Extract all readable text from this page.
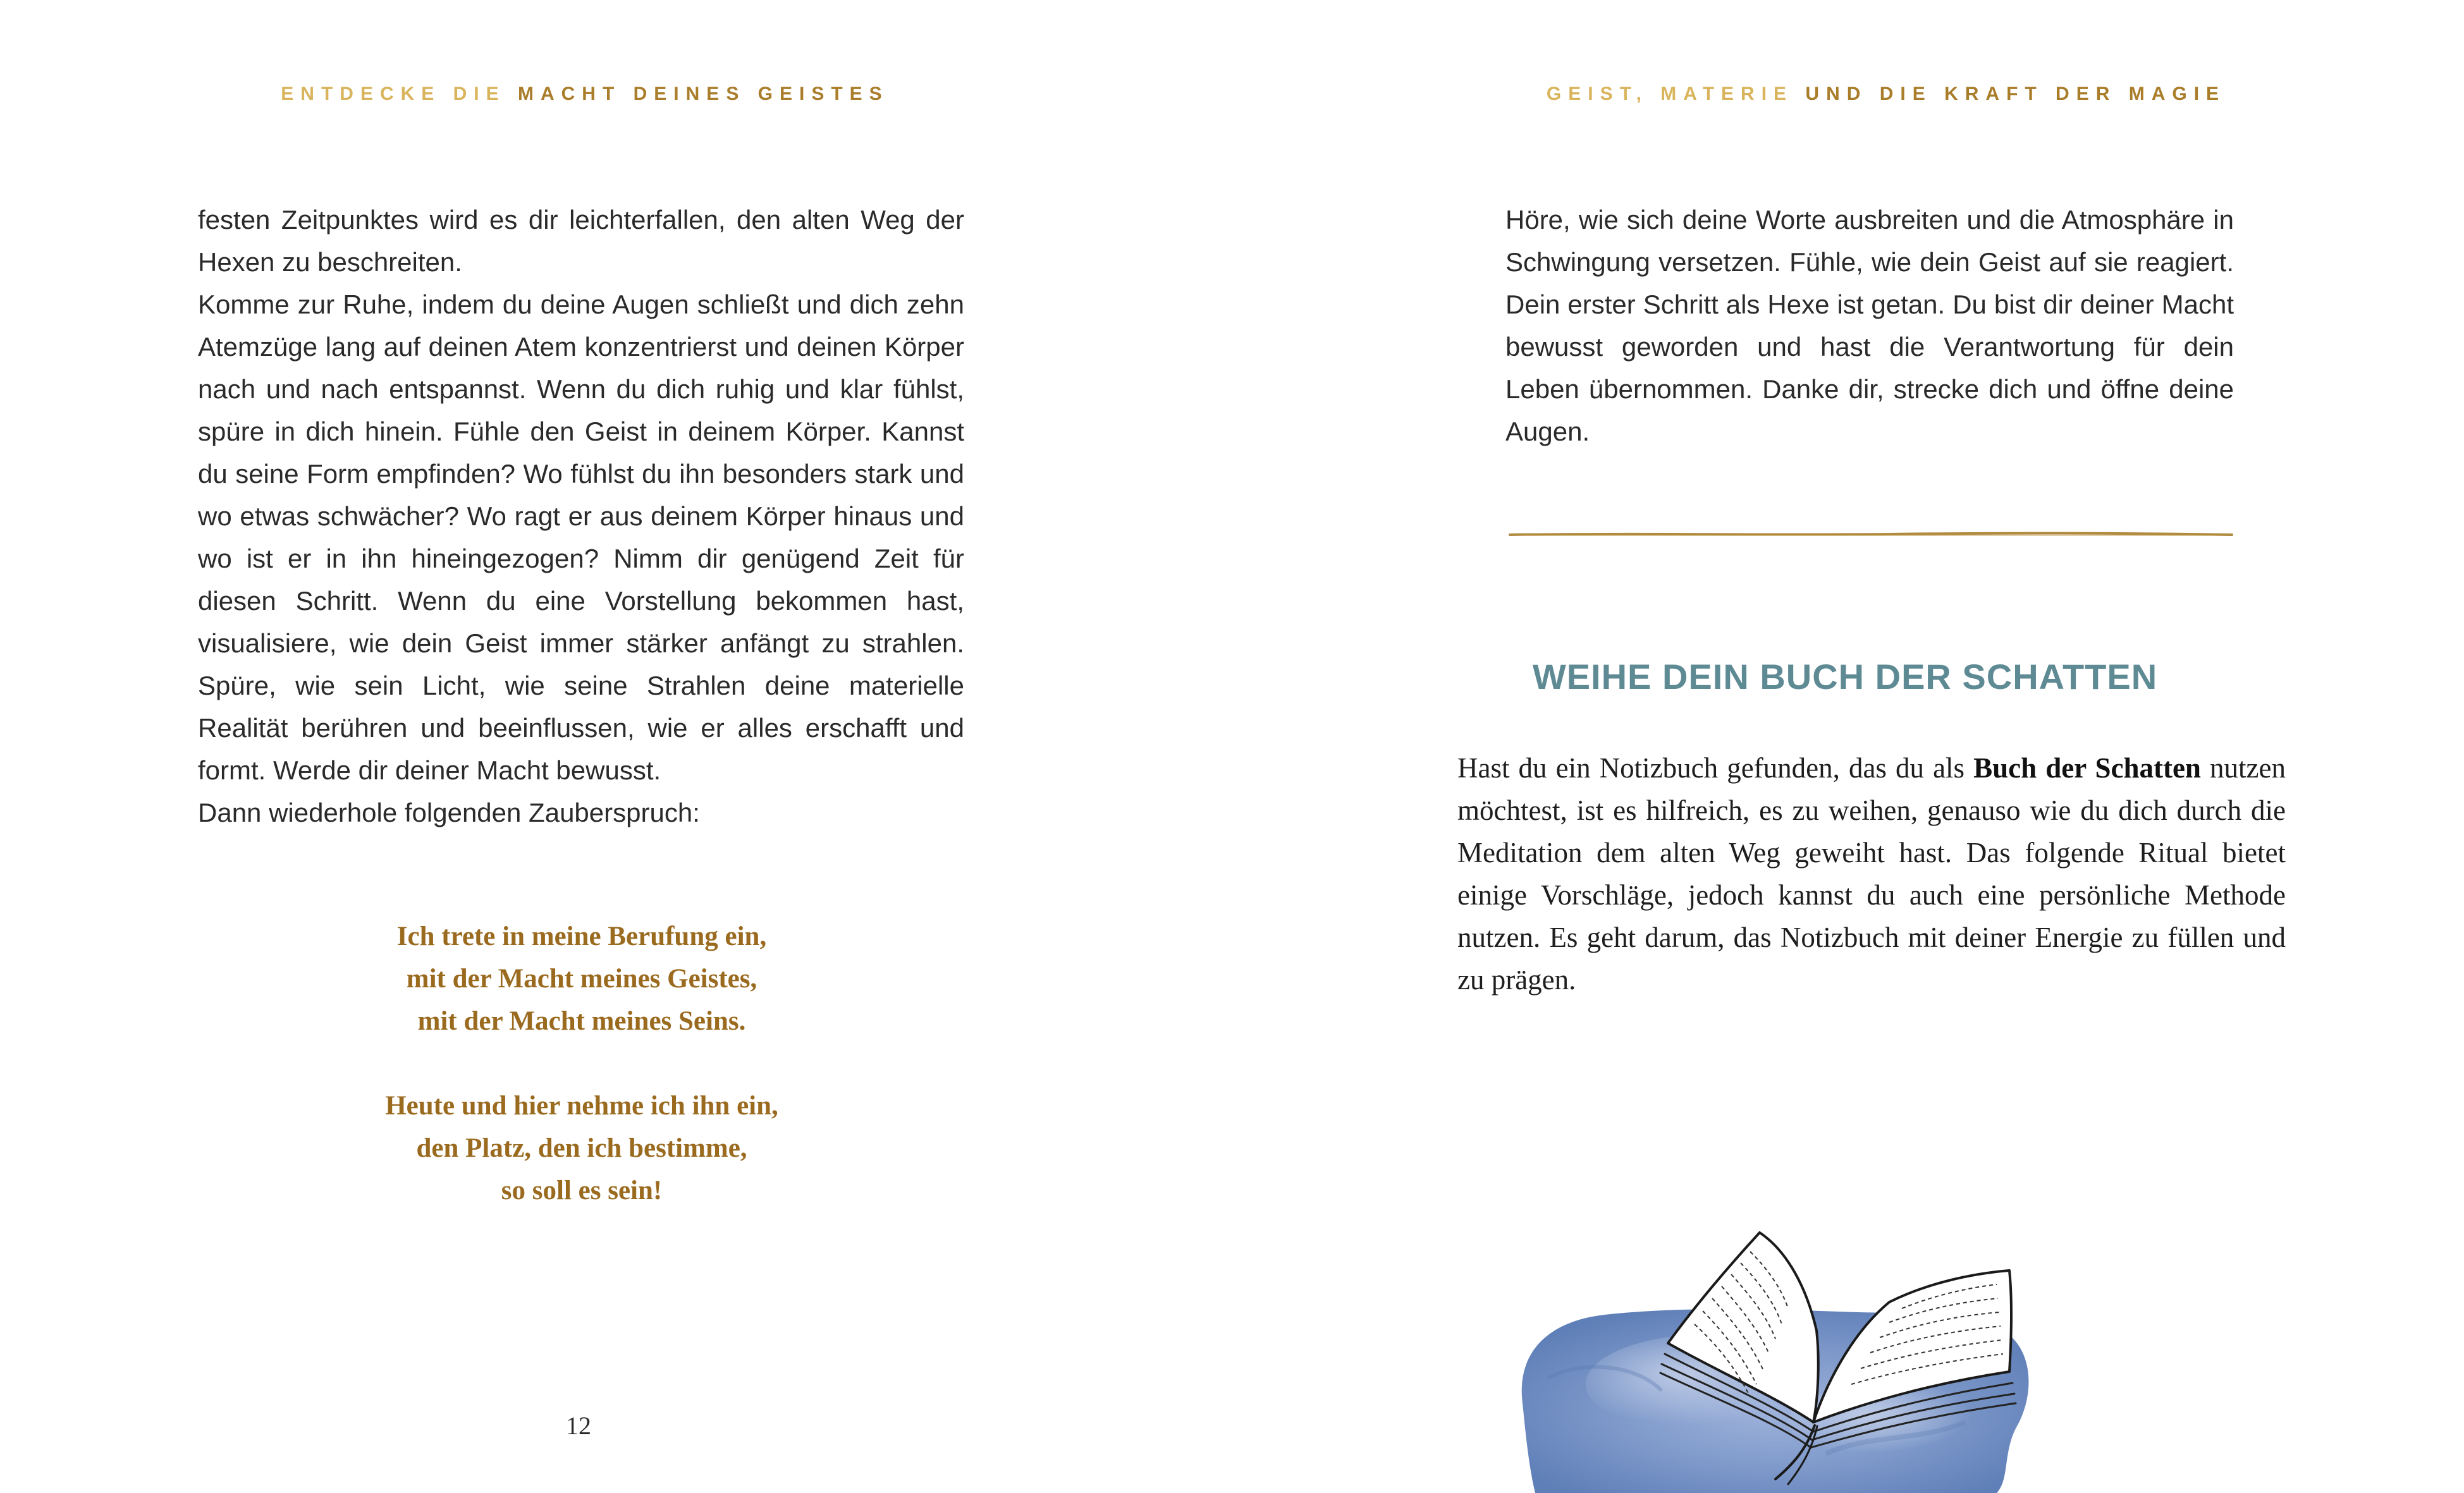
ENTDECKE DIE MACHT DEINES GEISTES

festen Zeitpunktes wird es dir leichterfallen, den alten Weg der Hexen zu beschreiten.

Komme zur Ruhe, indem du deine Augen schließt und dich zehn Atemzüge lang auf deinen Atem konzentrierst und deinen Körper nach und nach entspannst. Wenn du dich ruhig und klar fühlst, spüre in dich hinein. Fühle den Geist in deinem Körper. Kannst du seine Form empfinden? Wo fühlst du ihn besonders stark und wo etwas schwächer? Wo ragt er aus deinem Körper hinaus und wo ist er in ihn hineingezogen? Nimm dir genügend Zeit für diesen Schritt. Wenn du eine Vorstellung bekommen hast, visualisiere, wie dein Geist immer stärker anfängt zu strahlen. Spüre, wie sein Licht, wie seine Strahlen deine materielle Realität berühren und beeinflussen, wie er alles erschafft und formt. Werde dir deiner Macht bewusst.

Dann wiederhole folgenden Zauberspruch:

Ich trete in meine Berufung ein,
mit der Macht meines Geistes,
mit der Macht meines Seins.

Heute und hier nehme ich ihn ein,
den Platz, den ich bestimme,
so soll es sein!

12
GEIST, MATERIE UND DIE KRAFT DER MAGIE

Höre, wie sich deine Worte ausbreiten und die Atmosphäre in Schwingung versetzen. Fühle, wie dein Geist auf sie reagiert. Dein erster Schritt als Hexe ist getan. Du bist dir deiner Macht bewusst geworden und hast die Verantwortung für dein Leben übernommen. Danke dir, strecke dich und öffne deine Augen.

WEIHE DEIN BUCH DER SCHATTEN
Hast du ein Notizbuch gefunden, das du als Buch der Schatten nutzen möchtest, ist es hilfreich, es zu weihen, genauso wie du dich durch die Meditation dem alten Weg geweiht hast. Das folgende Ritual bietet einige Vorschläge, jedoch kannst du auch eine persönliche Methode nutzen. Es geht darum, das Notizbuch mit deiner Energie zu füllen und zu prägen.
